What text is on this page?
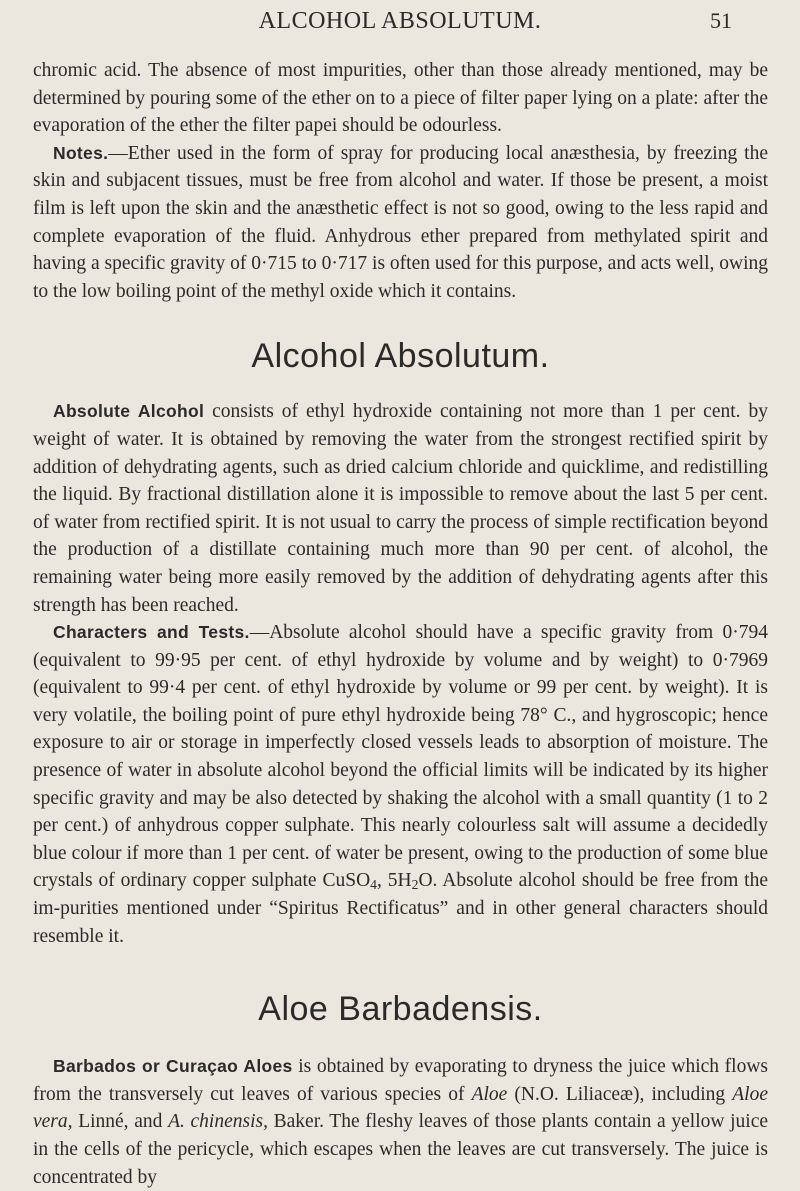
ALCOHOL ABSOLUTUM.	51

chromic acid. The absence of most impurities, other than those already mentioned, may be determined by pouring some of the ether on to a piece of filter paper lying on a plate: after the evaporation of the ether the filter papei should be odourless.

Notes.—Ether used in the form of spray for producing local anæsthesia, by freezing the skin and subjacent tissues, must be free from alcohol and water. If those be present, a moist film is left upon the skin and the anæsthetic effect is not so good, owing to the less rapid and complete evaporation of the fluid. Anhydrous ether prepared from methylated spirit and having a specific gravity of 0·715 to 0·717 is often used for this purpose, and acts well, owing to the low boiling point of the methyl oxide which it contains.

Alcohol Absolutum.

Absolute Alcohol consists of ethyl hydroxide containing not more than 1 per cent. by weight of water. It is obtained by removing the water from the strongest rectified spirit by addition of dehydrating agents, such as dried calcium chloride and quicklime, and redistilling the liquid. By fractional distillation alone it is impossible to remove about the last 5 per cent. of water from rectified spirit. It is not usual to carry the process of simple rectification beyond the production of a distillate containing much more than 90 per cent. of alcohol, the remaining water being more easily removed by the addition of dehydrating agents after this strength has been reached.

Characters and Tests.—Absolute alcohol should have a specific gravity from 0·794 (equivalent to 99·95 per cent. of ethyl hydroxide by volume and by weight) to 0·7969 (equivalent to 99·4 per cent. of ethyl hydroxide by volume or 99 per cent. by weight). It is very volatile, the boiling point of pure ethyl hydroxide being 78° C., and hygroscopic; hence exposure to air or storage in imperfectly closed vessels leads to absorption of moisture. The presence of water in absolute alcohol beyond the official limits will be indicated by its higher specific gravity and may be also detected by shaking the alcohol with a small quantity (1 to 2 per cent.) of anhydrous copper sulphate. This nearly colourless salt will assume a decidedly blue colour if more than 1 per cent. of water be present, owing to the production of some blue crystals of ordinary copper sulphate CuSO$_4$, $5H_2O$. Absolute alcohol should be free from the im-purities mentioned under “Spiritus Rectificatus” and in other general characters should resemble it.

Aloe Barbadensis.

Barbados or Curaçao Aloes is obtained by evaporating to dryness the juice which flows from the transversely cut leaves of various species of Aloe (N.O. Liliaceæ), including Aloe vera, Linné, and A. chinensis, Baker. The fleshy leaves of those plants contain a yellow juice in the cells of the pericycle, which escapes when the leaves are cut transversely. The juice is concentrated by
